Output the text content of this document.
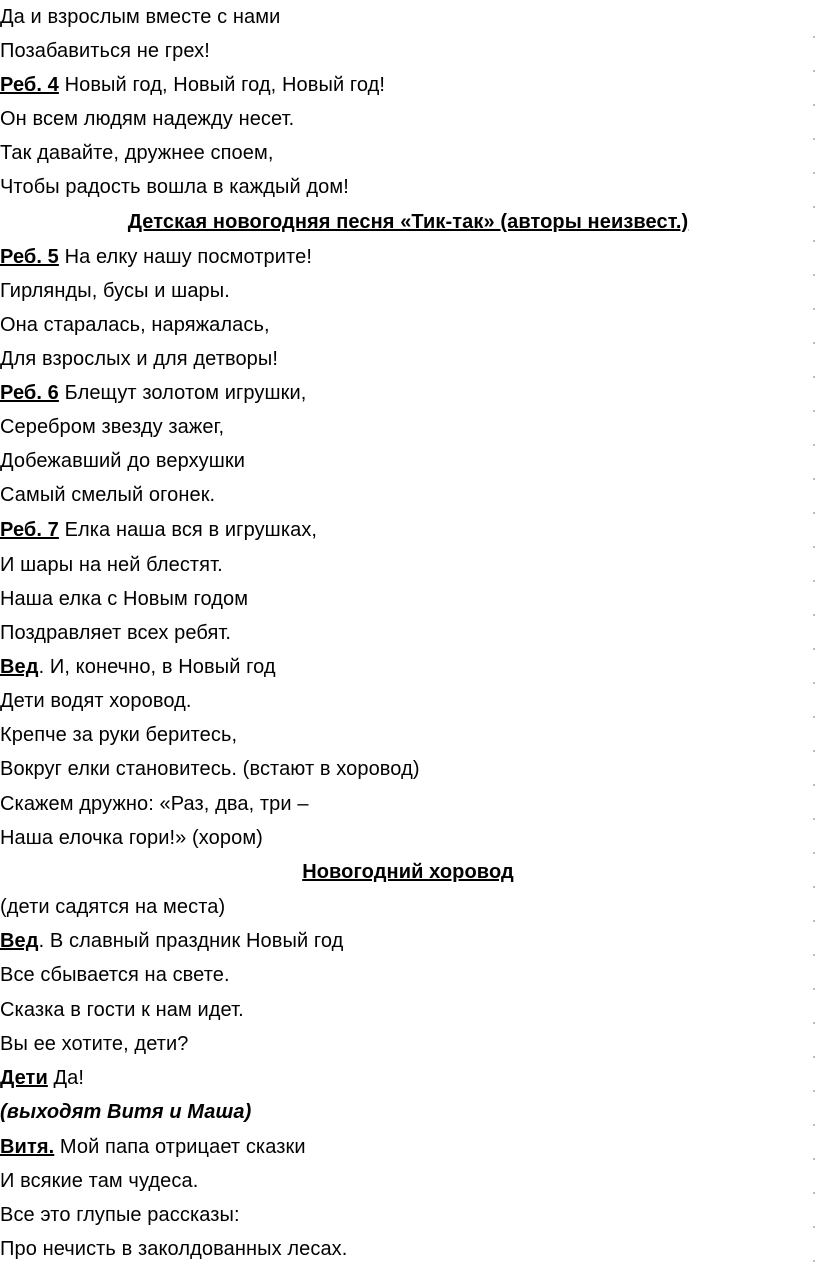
Да и взрослым вместе с нами
Позабавиться не грех!
Реб. 4 Новый год, Новый год, Новый год!
Он всем людям надежду несет.
Так давайте, дружнее споем,
Чтобы радость вошла в каждый дом!
Детская новогодняя песня «Тик-так» (авторы неизвест.)
Реб. 5 На елку нашу посмотрите!
Гирлянды, бусы и шары.
Она старалась, наряжалась,
Для взрослых и для детворы!
Реб. 6 Блещут золотом игрушки,
Серебром звезду зажег,
Добежавший до верхушки
Самый смелый огонек.
Реб. 7 Елка наша вся в игрушках,
И шары на ней блестят.
Наша елка с Новым годом
Поздравляет всех ребят.
Вед. И, конечно, в Новый год
Дети водят хоровод.
Крепче за руки беритесь,
Вокруг елки становитесь. (встают в хоровод)
Скажем дружно: «Раз, два, три –
Наша елочка гори!» (хором)
Новогодний хоровод
(дети садятся на места)
Вед. В славный праздник Новый год
Все сбывается на свете.
Сказка в гости к нам идет.
Вы ее хотите, дети?
Дети Да!
(выходят Витя и Маша)
Витя. Мой папа отрицает сказки
И всякие там чудеса.
Все это глупые рассказы:
Про нечисть в заколдованных лесах.
